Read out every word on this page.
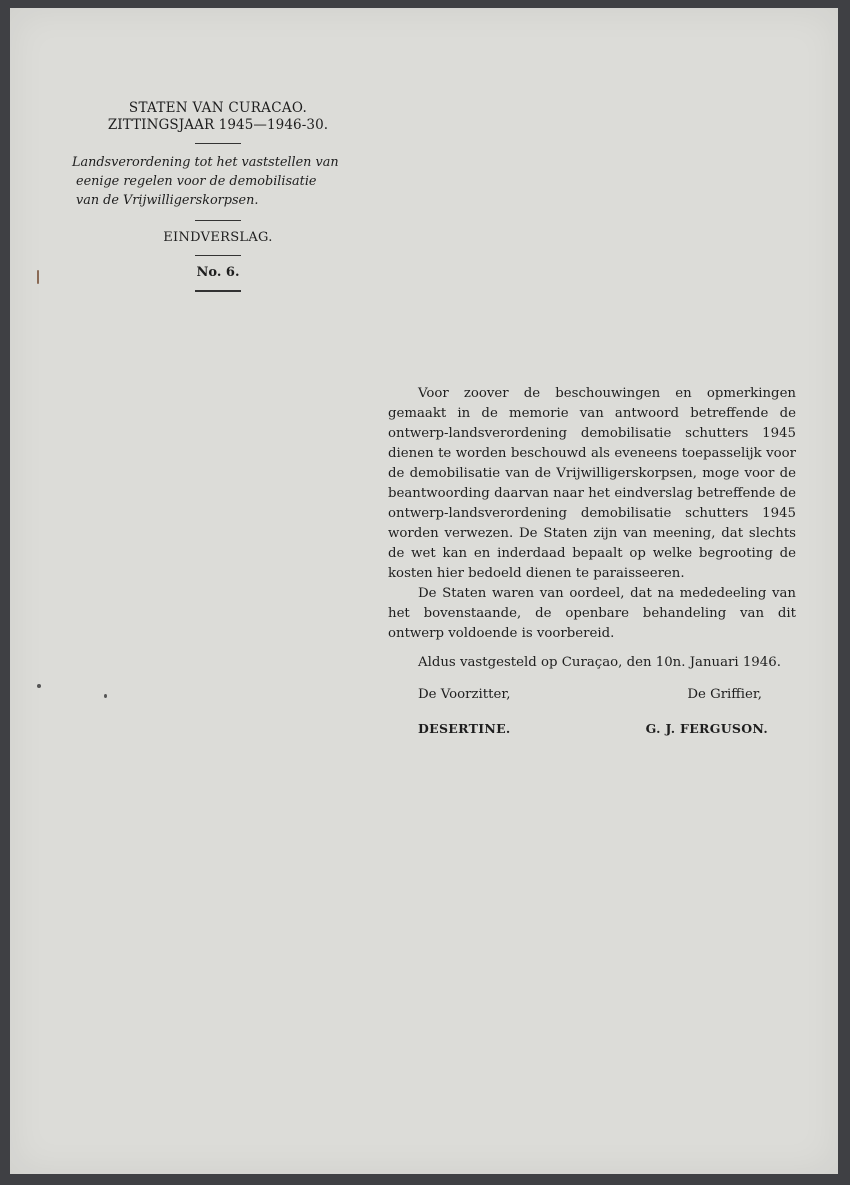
STATEN VAN CURACAO.
ZITTINGSJAAR 1945—1946-30.
Landsverordening tot het vaststellen van
eenige regelen voor de demobilisatie
van de Vrijwilligerskorpsen.
EINDVERSLAG.
No. 6.

Voor zoover de beschouwingen en opmerkingen gemaakt in de memorie van antwoord betreffende de ontwerp-landsverordening demobilisatie schutters 1945 dienen te worden beschouwd als eveneens toepasselijk voor de demobilisatie van de Vrijwilligerskorpsen, moge voor de beantwoording daarvan naar het eindverslag betreffende de ontwerp-landsverordening demobilisatie schutters 1945 worden verwezen. De Staten zijn van meening, dat slechts de wet kan en inderdaad bepaalt op welke begrooting de kosten hier bedoeld dienen te paraisseeren.

De Staten waren van oordeel, dat na mededeeling van het bovenstaande, de openbare behandeling van dit ontwerp voldoende is voorbereid.

Aldus vastgesteld op Curaçao, den 10n. Januari 1946.

De Voorzitter,	De Griffier,
DESERTINE.	G. J. FERGUSON.
